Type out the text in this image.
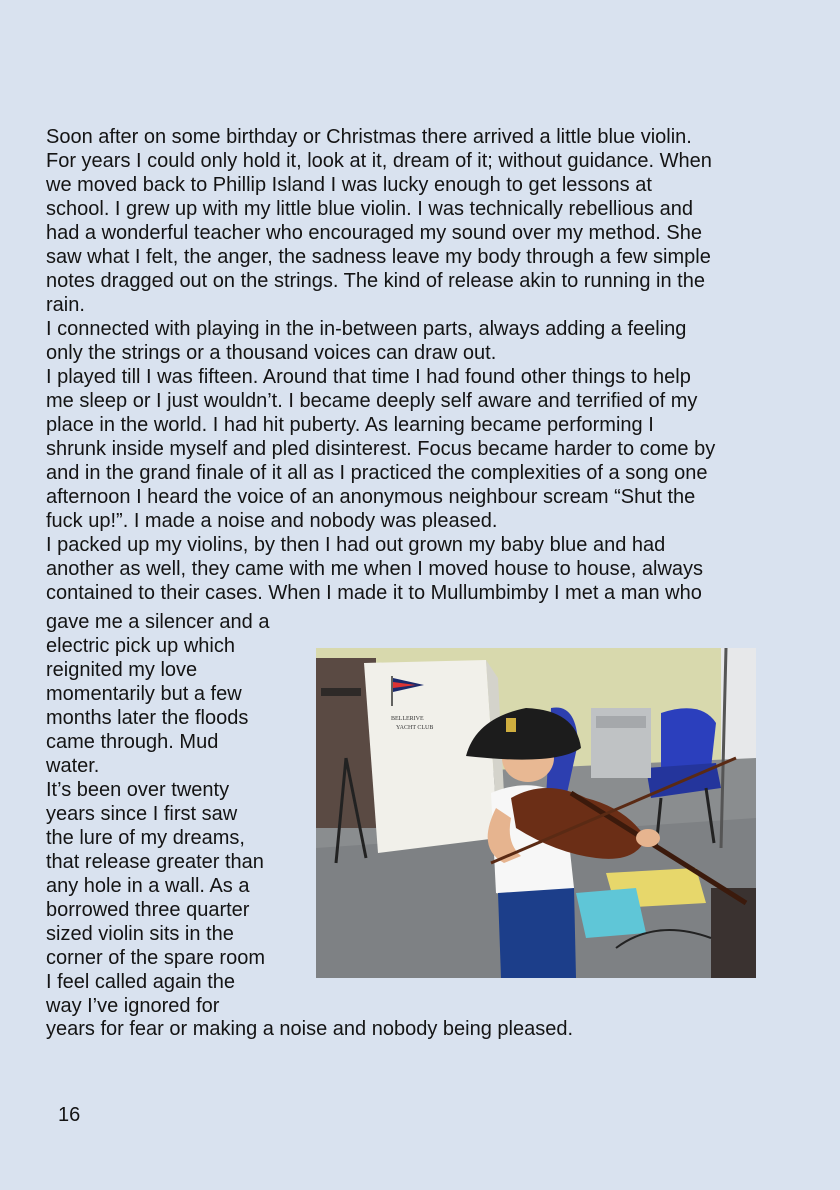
Soon after on some birthday or Christmas there arrived a little blue violin.
For years I could only hold it, look at it, dream of it; without guidance. When
we moved back to Phillip Island I was lucky enough to get lessons at
school. I grew up with my little blue violin. I was technically rebellious and
had a wonderful teacher who encouraged my sound over my method. She
saw what I felt, the anger, the sadness leave my body through a few simple
notes dragged out on the strings. The kind of release akin to running in the
rain.

I connected with playing in the in-between parts, always adding a feeling
only the strings or a thousand voices can draw out.

I played till I was fifteen. Around that time I had found other things to help
me sleep or I just wouldn’t. I became deeply self aware and terrified of my
place in the world. I had hit puberty. As learning became performing I
shrunk inside myself and pled disinterest. Focus became harder to come by
and in the grand finale of it all as I practiced the complexities of a song one
afternoon I heard the voice of an anonymous neighbour scream “Shut the
fuck up!”. I made a noise and nobody was pleased.

I packed up my violins, by then I had out grown my baby blue and had
another as well, they came with me when I moved house to house, always
contained to their cases. When I made it to Mullumbimby I met a man who

gave me a silencer and a
electric pick up which
reignited my love
momentarily but a few
months later the floods
came through. Mud
water.
It’s been over twenty
years since I first saw
the lure of my dreams,
that release greater than
any hole in a wall. As a
borrowed three quarter
sized violin sits in the
corner of the spare room
I feel called again the
way I’ve ignored for
BELLERIVE
YACHT CLUB
years for fear or making a noise and nobody being pleased.
16
